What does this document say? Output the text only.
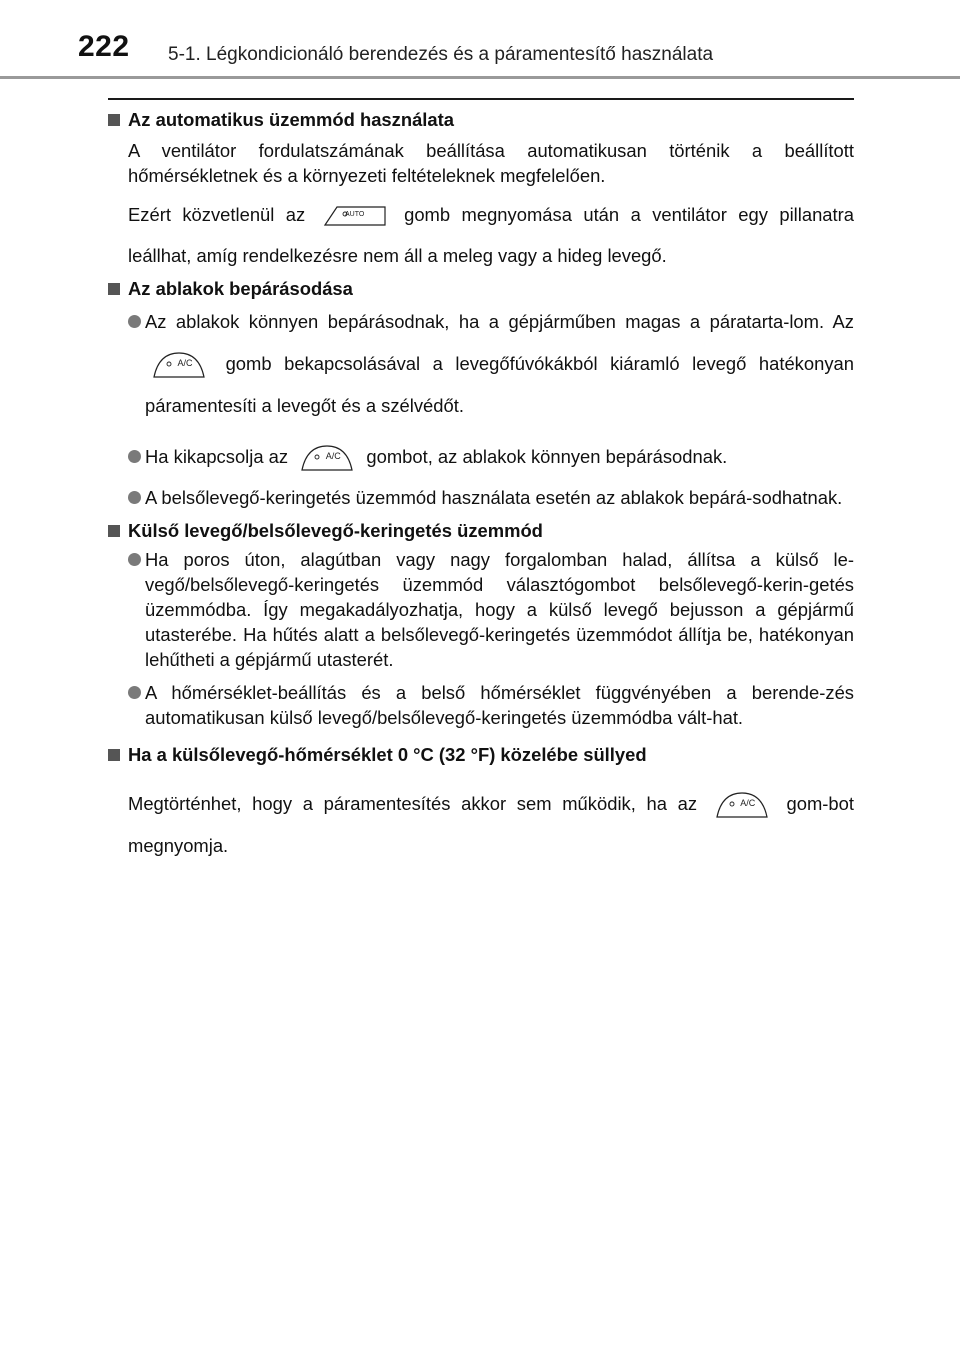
222 5-1. Légkondicionáló berendezés és a páramentesítő használata
Az automatikus üzemmód használata

A ventilátor fordulatszámának beállítása automatikusan történik a beállított hőmérsékletnek és a környezeti feltételeknek megfelelően.

Ezért közvetlenül az	AUTO	gomb megnyomása után a ventilátor egy pillanatra leállhat, amíg rendelkezésre nem áll a meleg vagy a hideg levegő.

Az ablakok bepárásodása
Az ablakok könnyen bepárásodnak, ha a gépjárműben magas a páratarta-lom. Az
A/C	gomb bekapcsolásával a levegőfúvókákból kiáramló levegő hatékonyan páramentesíti a levegőt és a szélvédőt.
Ha kikapcsolja az	A/C	gombot, az ablakok könnyen bepárásodnak.
A belsőlevegő-keringetés üzemmód használata esetén az ablakok bepárá-sodhatnak.
Külső levegő/belsőlevegő-keringetés üzemmód
Ha poros úton, alagútban vagy nagy forgalomban halad, állítsa a külső le-vegő/belsőlevegő-keringetés üzemmód választógombot belsőlevegő-kerin-getés üzemmódba. Így megakadályozhatja, hogy a külső levegő bejusson a gépjármű utasterébe. Ha hűtés alatt a belsőlevegő-keringetés üzemmódot állítja be, hatékonyan lehűtheti a gépjármű utasterét.
A hőmérséklet-beállítás és a belső hőmérséklet függvényében a berende-zés automatikusan külső levegő/belsőlevegő-keringetés üzemmódba vált-hat.
Ha a külsőlevegő-hőmérséklet 0 °C (32 °F) közelébe süllyed

Megtörténhet, hogy a páramentesítés akkor sem működik, ha az	A/C	gom-bot megnyomja.
